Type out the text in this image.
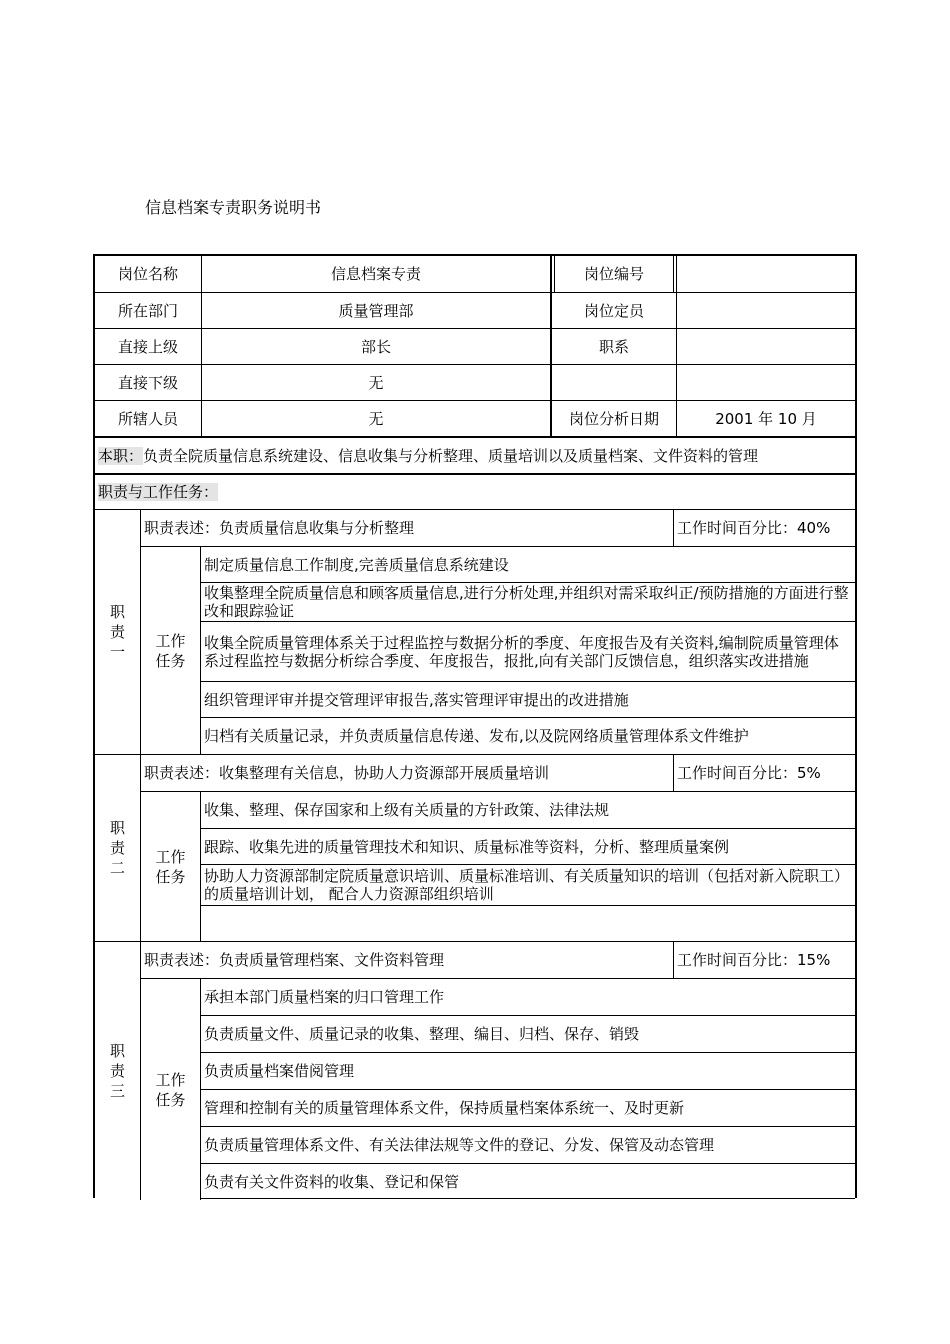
信息档案专责职务说明书
岗位名称	信息档案专责	岗位编号
所在部门	质量管理部	岗位定员
直接上级	部长	职系
直接下级	无
所辖人员	无	岗位分析日期	2001 年 10 月
本职： 负责全院质量信息系统建设、信息收集与分析整理、质量培训以及质量档案、文件资料的管理
职责与工作任务：
职
责
一
职责表述：负责质量信息收集与分析整理	工作时间百分比：40%
工作
任务
制定质量信息工作制度,完善质量信息系统建设
收集整理全院质量信息和顾客质量信息,进行分析处理,并组织对需采取纠正/预防措施的方面进行整改和跟踪验证
收集全院质量管理体系关于过程监控与数据分析的季度、年度报告及有关资料,编制院质量管理体系过程监控与数据分析综合季度、年度报告，报批,向有关部门反馈信息，组织落实改进措施
组织管理评审并提交管理评审报告,落实管理评审提出的改进措施
归档有关质量记录，并负责质量信息传递、发布,以及院网络质量管理体系文件维护
职
责
二
职责表述：收集整理有关信息，协助人力资源部开展质量培训	工作时间百分比：5%
工作
任务
收集、整理、保存国家和上级有关质量的方针政策、法律法规
跟踪、收集先进的质量管理技术和知识、质量标准等资料，分析、整理质量案例
协助人力资源部制定院质量意识培训、质量标准培训、有关质量知识的培训（包括对新入院职工）的质量培训计划， 配合人力资源部组织培训
职
责
三
职责表述：负责质量管理档案、文件资料管理	工作时间百分比：15%
工作
任务
承担本部门质量档案的归口管理工作
负责质量文件、质量记录的收集、整理、编目、归档、保存、销毁
负责质量档案借阅管理
管理和控制有关的质量管理体系文件，保持质量档案体系统一、及时更新
负责质量管理体系文件、有关法律法规等文件的登记、分发、保管及动态管理
负责有关文件资料的收集、登记和保管
